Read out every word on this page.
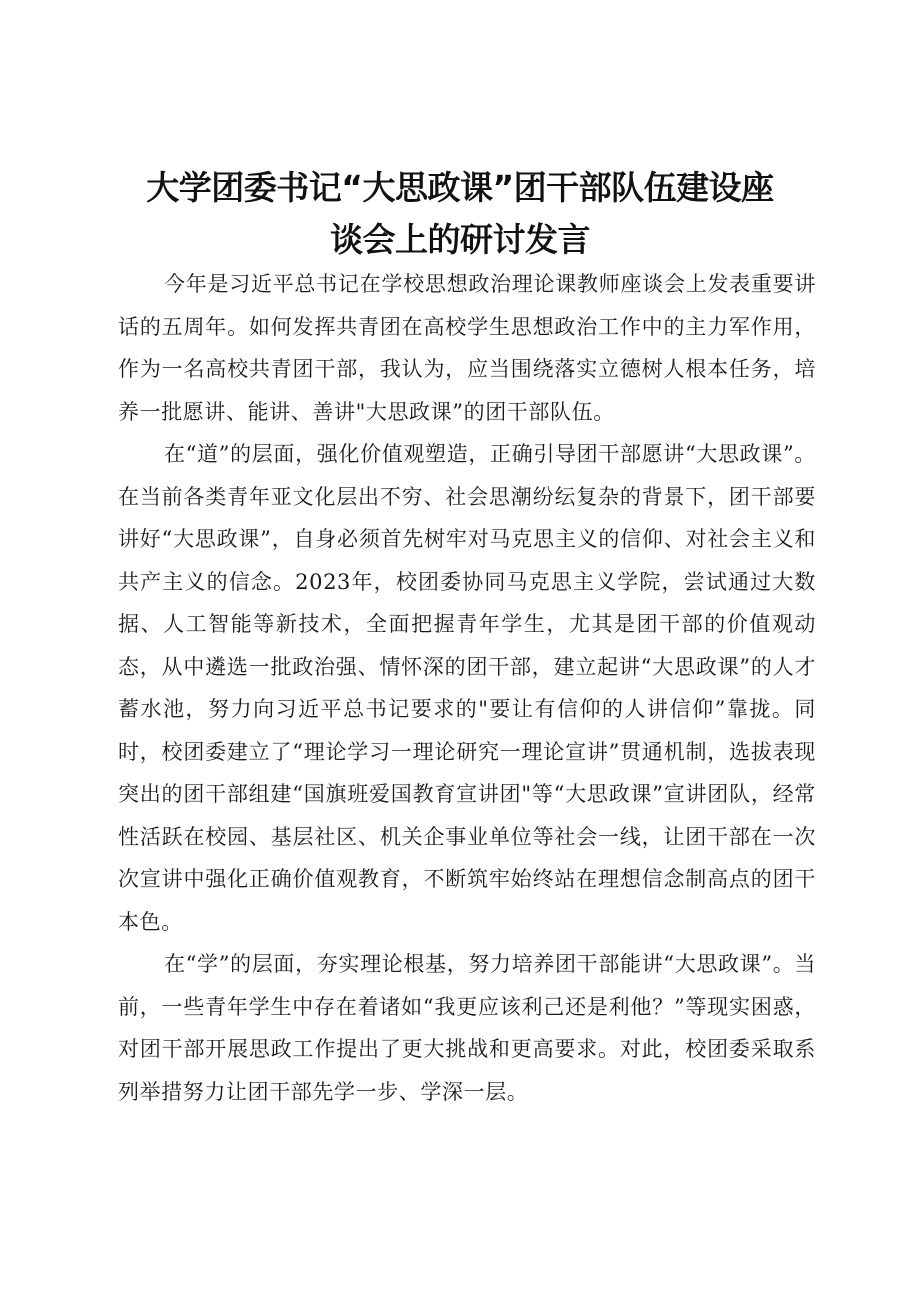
大学团委书记“大思政课”团干部队伍建设座
谈会上的研讨发言

今年是习近平总书记在学校思想政治理论课教师座谈会上发表重要讲话的五周年。如何发挥共青团在高校学生思想政治工作中的主力军作用，作为一名高校共青团干部，我认为，应当围绕落实立德树人根本任务，培养一批愿讲、能讲、善讲"大思政课”的团干部队伍。

在“道”的层面，强化价值观塑造，正确引导团干部愿讲“大思政课”。在当前各类青年亚文化层出不穷、社会思潮纷纭复杂的背景下，团干部要讲好“大思政课”，自身必须首先树牢对马克思主义的信仰、对社会主义和共产主义的信念。2023年，校团委协同马克思主义学院，尝试通过大数据、人工智能等新技术，全面把握青年学生，尤其是团干部的价值观动态，从中遴选一批政治强、情怀深的团干部，建立起讲“大思政课”的人才蓄水池，努力向习近平总书记要求的"要让有信仰的人讲信仰”靠拢。同时，校团委建立了“理论学习一理论研究一理论宣讲”贯通机制，选拔表现突出的团干部组建“国旗班爱国教育宣讲团"等“大思政课”宣讲团队，经常性活跃在校园、基层社区、机关企事业单位等社会一线，让团干部在一次次宣讲中强化正确价值观教育，不断筑牢始终站在理想信念制高点的团干本色。

在“学”的层面，夯实理论根基，努力培养团干部能讲“大思政课”。当前，一些青年学生中存在着诸如“我更应该利己还是利他？”等现实困惑，对团干部开展思政工作提出了更大挑战和更高要求。对此，校团委采取系列举措努力让团干部先学一步、学深一层。
